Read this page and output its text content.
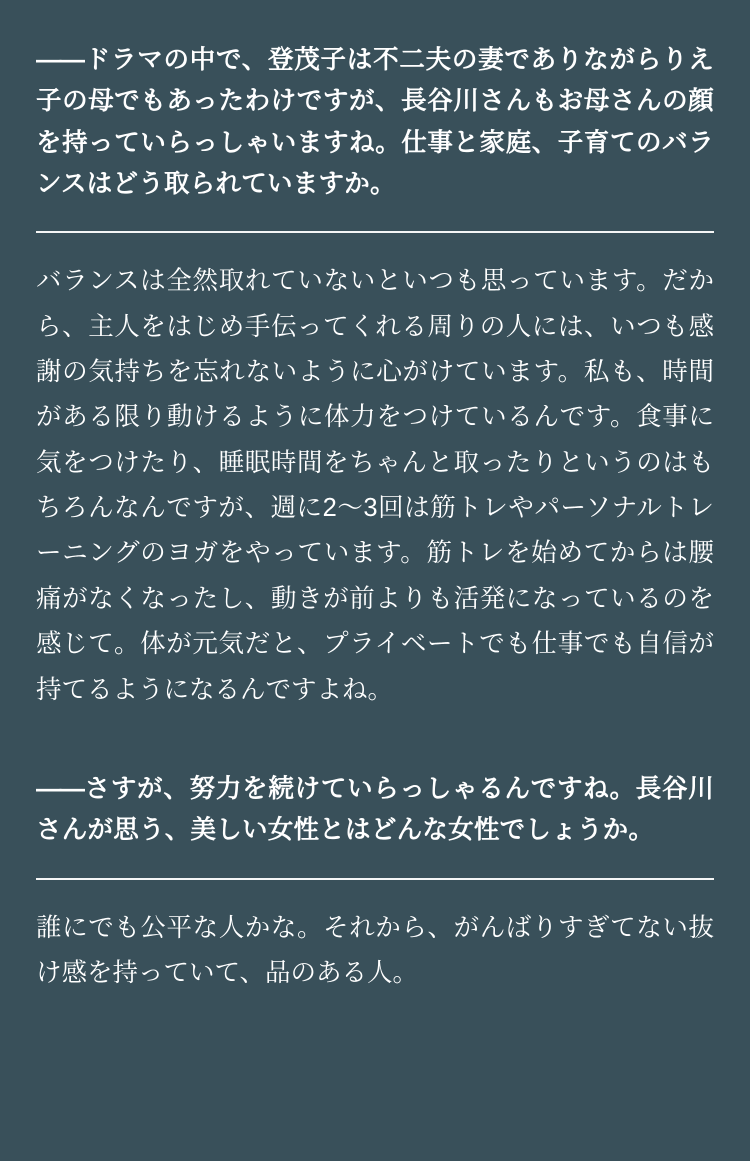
――ドラマの中で、登茂子は不二夫の妻でありながらりえ子の母でもあったわけですが、長谷川さんもお母さんの顔を持っていらっしゃいますね。仕事と家庭、子育てのバランスはどう取られていますか。

バランスは全然取れていないといつも思っています。だから、主人をはじめ手伝ってくれる周りの人には、いつも感謝の気持ちを忘れないように心がけています。私も、時間がある限り動けるように体力をつけているんです。食事に気をつけたり、睡眠時間をちゃんと取ったりというのはもちろんなんですが、週に2〜3回は筋トレやパーソナルトレーニングのヨガをやっています。筋トレを始めてからは腰痛がなくなったし、動きが前よりも活発になっているのを感じて。体が元気だと、プライベートでも仕事でも自信が持てるようになるんですよね。

――さすが、努力を続けていらっしゃるんですね。長谷川さんが思う、美しい女性とはどんな女性でしょうか。

誰にでも公平な人かな。それから、がんばりすぎてない抜け感を持っていて、品のある人。
